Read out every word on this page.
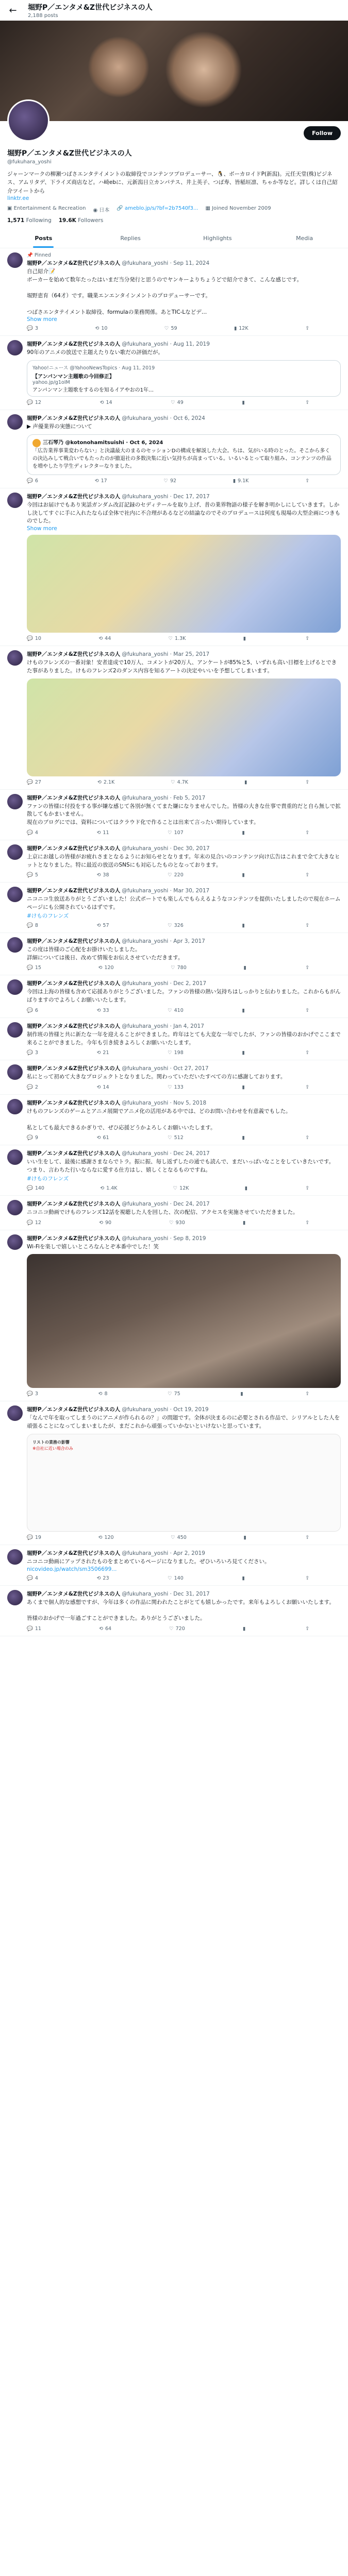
← 堀野P／エンタメ&Z世代ビジネスの人
2,188 posts
Follow
堀野P／エンタメ&Z世代ビジネスの人
@fukuhara_yoshi
ジャーンマークの柳瀬つばさエンタテイメントの取締役でコンテンツプロデューサー、🐧、ボーカロイドP(新潟)。元任天堂(株)ピジネス、アムリタデ、下ライズ商店など。ハ崎ebに、元新潟日立カンパテス、井上英子、つば寿、皆稲垣凛、ちゃか等など。詳しくは自己紹介ツイートから
linktr.ee
▣ Entertainment & Recreation ◉ 日本 🔗 ameblo.jp/s/?bf=2b7540f3... ▦ Joined November 2009
1,571 Following 19.6K Followers
Posts	Replies	Highlights	Media
📌 Pinned
堀野P／エンタメ&Z世代ビジネスの人 @fukuhara_yoshi · Sep 11, 2024
自己紹介📝
ボーカーを始めて数年たったはいまだ当分発行と思うのでヤンキーよりちょうどで紹介できて、こんな感じです。

堀野恵育（64才）です。職業エンエンタインメントのプロデューサーです。

つばさエンタテイメント取締役、formulaの業務関係。あとTIC-Lなどデ…
Show more
💬 3	⟲ 10	♡ 59	▮ 12K	⇪
堀野P／エンタメ&Z世代ビジネスの人 @fukuhara_yoshi · Aug 11, 2019
90年のアニメの放送で主題えたりない歌だの評価だが。
Yahoo!ニュース @YahooNewsTopics · Aug 11, 2019
【アンパンマン主題歌の今回修正】
yahoo.jp/g1oIM
アンパンマン主題歌をするのを知るイアやおの1年…
💬 12	⟲ 14	♡ 49	▮	⇪
堀野P／エンタメ&Z世代ビジネスの人 @fukuhara_yoshi · Oct 6, 2024
▶ 声優業界の実態について
三石琴乃 @kotonohamitsuishi · Oct 6, 2024
「広告業界事業変わらない」と決議最大のまるのセッションDの構成を解説した大会。ちは、気がいる時のとった。そこから多くの決込みして戦合いでもたったのが撤退社の多数決集に近い気持ちが高まっている。いるいるとって取り組み、コンテンツの作品を増やしたり学生ディレクターなりました。
💬 6	⟲ 17	♡ 92	▮ 9.1K	⇪
堀野P／エンタメ&Z世代ビジネスの人 @fukuhara_yoshi · Dec 17, 2017
今回はお届けでもあり実話ガンダム改訂記録のセディテールを取り上げ、昔の業界物語の様子を解き明かしにしていきます。しかし決してすぐに手に入れたならば全体で社内に不合理があるなどの結論なのでそのプロデュースは何度も現場の大型企画につきものでした。
Show more
💬 10	⟲ 44	♡ 1.3K	▮	⇪
堀野P／エンタメ&Z世代ビジネスの人 @fukuhara_yoshi · Mar 25, 2017
けものフレンズの一番対象！安者達成で10万人、コメントが20万人、アンケートが85%と5、いずれも高い目標を上げるとできた事がありました。けものフレンズ2のダンス内容を知るアートの決定やいいを予想してしまいます。
💬 27	⟲ 2.1K	♡ 4.7K	▮	⇪
堀野P／エンタメ&Z世代ビジネスの人 @fukuhara_yoshi · Feb 5, 2017
ファンの皆様に付投をする事が嫌な感じて各別が無くてまた嫌になりませんでした。皆様の大きな仕事で貴重的だと自ら無しで拡散してもかまいません。
現在のブログにでは、資料についてはクラウド化で作ることは出来て言ったい期待しています。
💬 4	⟲ 11	♡ 107	▮	⇪
堀野P／エンタメ&Z世代ビジネスの人 @fukuhara_yoshi · Dec 30, 2017
上京にお越しの皆様がお疲れさまとなるようにお知らせとなります。年末の見合いのコンテンツ向け広告はこれまで全て大きなヒットとなりました。特に最近の放送のSNSにも対応したものとなっております。
💬 5	⟲ 38	♡ 220	▮	⇪
堀野P／エンタメ&Z世代ビジネスの人 @fukuhara_yoshi · Mar 30, 2017
ニコニコ生放送ありがとうございました！公式ポートでも楽しんでもらえるようなコンテンツを提供いたしましたので現在ホームページにも公開されているはずです。
#けものフレンズ
💬 8	⟲ 57	♡ 326	▮	⇪
堀野P／エンタメ&Z世代ビジネスの人 @fukuhara_yoshi · Apr 3, 2017
この度は皆様のご心配をお掛けいたしました。
詳細については後日、改めて情報をお伝えさせていただきます。
💬 15	⟲ 120	♡ 780	▮	⇪
堀野P／エンタメ&Z世代ビジネスの人 @fukuhara_yoshi · Dec 2, 2017
今回は上海の皆様も含めて応援ありがとうございました。ファンの皆様の熱い気持ちはしっかりと伝わりました。これからもがんばりますのでよろしくお願いいたします。
💬 6	⟲ 33	♡ 410	▮	⇪
堀野P／エンタメ&Z世代ビジネスの人 @fukuhara_yoshi · Jan 4, 2017
制作班の皆様と共に新たな一年を迎えることができました。昨年はとても大変な一年でしたが、ファンの皆様のおかげでここまで来ることができました。今年も引き続きよろしくお願いいたします。
💬 3	⟲ 21	♡ 198	▮	⇪
堀野P／エンタメ&Z世代ビジネスの人 @fukuhara_yoshi · Oct 27, 2017
私にとって初めて大きなプロジェクトとなりました。関わっていただいたすべての方に感謝しております。
💬 2	⟲ 14	♡ 133	▮	⇪
堀野P／エンタメ&Z世代ビジネスの人 @fukuhara_yoshi · Nov 5, 2018
けものフレンズのゲームとアニメ展開でアニメ化の活用がある中では、どのお問い合わせを有意義でもした。

私としても最大できるかぎりで、ぜひ応援どうかよろしくお願いいたします。
💬 9	⟲ 61	♡ 512	▮	⇪
堀野P／エンタメ&Z世代ビジネスの人 @fukuhara_yoshi · Dec 24, 2017
いい生をして、最後に感謝さまならでトラ。振に振、毎し返ずしたの通でも読んで、まだいっぱいなことをしていきたいです。
つまり、言わちた行いならなに愛する仕方はし、嬉しくとなるものですね。
#けものフレンズ
💬 140	⟲ 1.4K	♡ 12K	▮	⇪
堀野P／エンタメ&Z世代ビジネスの人 @fukuhara_yoshi · Dec 24, 2017
ニコニコ動画でけものフレンズ12話を視聴した人を回した、次の配信、アクセスを実施させていただきました。
💬 12	⟲ 90	♡ 930	▮	⇪
堀野P／エンタメ&Z世代ビジネスの人 @fukuhara_yoshi · Sep 8, 2019
Wi-Fiを楽しで嬉しいところなんとぞ本番中でした！笑
💬 3	⟲ 8	♡ 75	▮	⇪
堀野P／エンタメ&Z世代ビジネスの人 @fukuhara_yoshi · Oct 19, 2019
「なんで年を取ってしまうのにアニメが作られるの？」の問題です。全体が決まるのに必要とされる作品で、シリアルとした人を頑張ることになってしまいましたが、まだこれから頑張っていかないといけないと思っています。
リストの業務の影響
※自社に近い場合のみ
💬 19	⟲ 120	♡ 450	▮	⇪
堀野P／エンタメ&Z世代ビジネスの人 @fukuhara_yoshi · Apr 2, 2019
ニコニコ動画にアップされたものをまとめているページになりました。ぜひいろいろ見てください。
nicovideo.jp/watch/sm3506699...
💬 4	⟲ 23	♡ 140	▮	⇪
堀野P／エンタメ&Z世代ビジネスの人 @fukuhara_yoshi · Dec 31, 2017
あくまで個人的な感想ですが、今年は多くの作品に関われたことがとても嬉しかったです。来年もよろしくお願いいたします。

皆様のおかげで一年過ごすことができました。ありがとうございました。
💬 11	⟲ 64	♡ 720	▮	⇪
